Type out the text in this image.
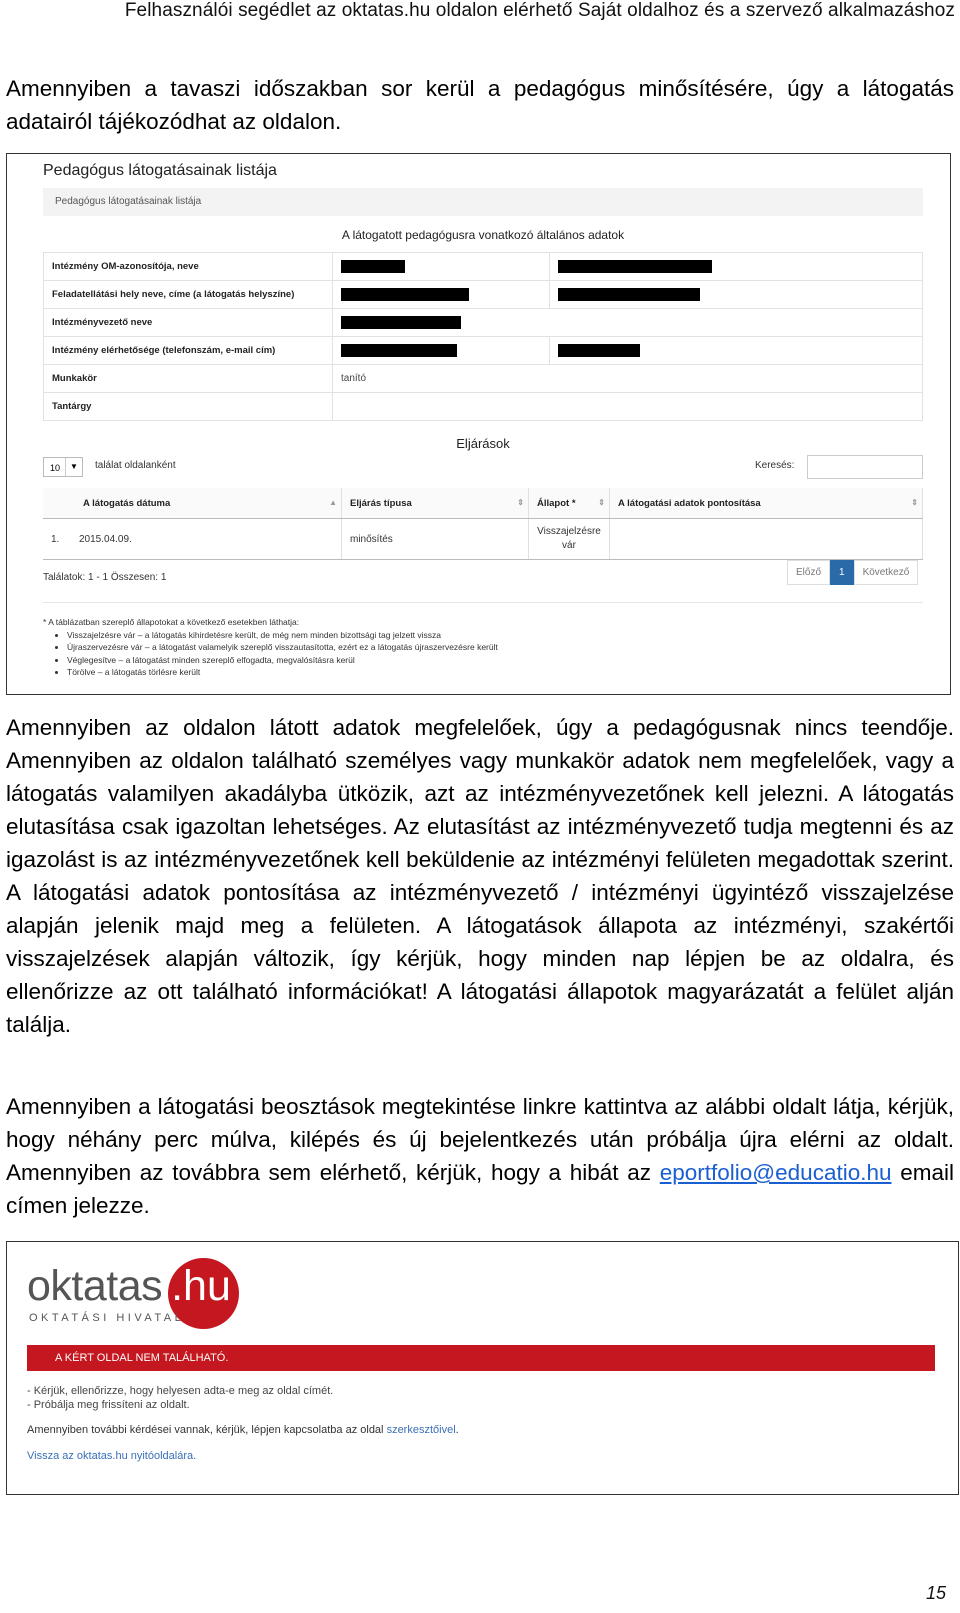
Felhasználói segédlet az oktatas.hu oldalon elérhető Saját oldalhoz és a szervező alkalmazáshoz
Amennyiben a tavaszi időszakban sor kerül a pedagógus minősítésére, úgy a látogatás adatairól tájékozódhat az oldalon.
Pedagógus látogatásainak listája
Pedagógus látogatásainak listája
A látogatott pedagógusra vonatkozó általános adatok
Intézmény OM-azonosítója, neve		
Feladatellátási hely neve, címe (a látogatás helyszíne)		
Intézményvezető neve		
Intézmény elérhetősége (telefonszám, e-mail cím)		
Munkakör	tanító	
Tantárgy		
Eljárások
10	▼	találat oldalanként	Keresés:
A látogatás dátuma ▲	Eljárás típusa ⇕	Állapot * ⇕	A látogatási adatok pontosítása ⇕

1. 2015.04.09.	minősítés	Visszajelzésre vár	
Találatok: 1 - 1 Összesen: 1	Előző	1	Következő
* A táblázatban szereplő állapotokat a következő esetekben láthatja:
• Visszajelzésre vár – a látogatás kihirdetésre került, de még nem minden bizottsági tag jelzett vissza
• Újraszervezésre vár – a látogatást valamelyik szereplő visszautasította, ezért ez a látogatás újraszervezésre került
• Véglegesítve – a látogatást minden szereplő elfogadta, megvalósításra kerül
• Törölve – a látogatás törlésre került
Amennyiben az oldalon látott adatok megfelelőek, úgy a pedagógusnak nincs teendője. Amennyiben az oldalon található személyes vagy munkakör adatok nem megfelelőek, vagy a látogatás valamilyen akadályba ütközik, azt az intézményvezetőnek kell jelezni. A látogatás elutasítása csak igazoltan lehetséges. Az elutasítást az intézményvezető tudja megtenni és az igazolást is az intézményvezetőnek kell beküldenie az intézményi felületen megadottak szerint. A látogatási adatok pontosítása az intézményvezető / intézményi ügyintéző visszajelzése alapján jelenik majd meg a felületen. A látogatások állapota az intézményi, szakértői visszajelzések alapján változik, így kérjük, hogy minden nap lépjen be az oldalra, és ellenőrizze az ott található információkat! A látogatási állapotok magyarázatát a felület alján találja.
Amennyiben a látogatási beosztások megtekintése linkre kattintva az alábbi oldalt látja, kérjük, hogy néhány perc múlva, kilépés és új bejelentkezés után próbálja újra elérni az oldalt. Amennyiben az továbbra sem elérhető, kérjük, hogy a hibát az eportfolio@educatio.hu email címen jelezze.
oktatas .hu
OKTATÁSI HIVATAL
A KÉRT OLDAL NEM TALÁLHATÓ.
- Kérjük, ellenőrizze, hogy helyesen adta-e meg az oldal címét.
- Próbálja meg frissíteni az oldalt.
Amennyiben további kérdései vannak, kérjük, lépjen kapcsolatba az oldal szerkesztőivel.
Vissza az oktatas.hu nyitóoldalára.
15
